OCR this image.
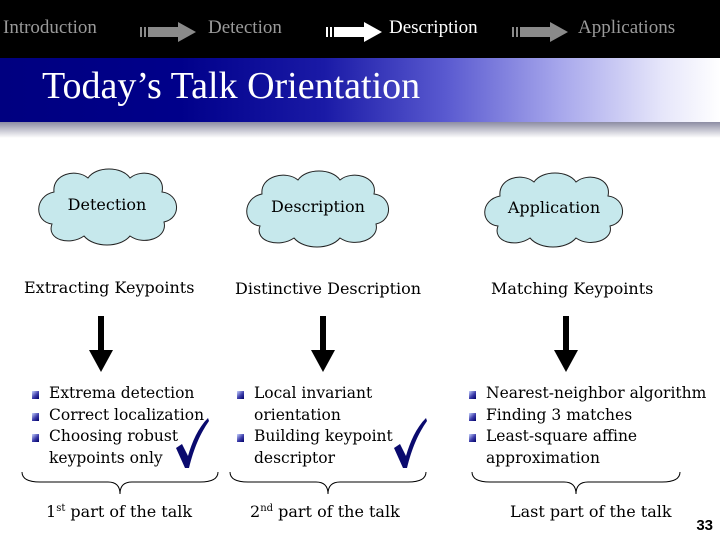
Introduction	Detection	Description	Applications
Today’s Talk Orientation
Detection	Description	Application
Extracting Keypoints	Distinctive Description	Matching Keypoints
Extrema detection
Correct localization
Choosing robust keypoints only
Local invariant orientation
Building keypoint descriptor
Nearest-neighbor algorithm
Finding 3 matches
Least-square affine approximation
1st part of the talk	2nd part of the talk	Last part of the talk
33
